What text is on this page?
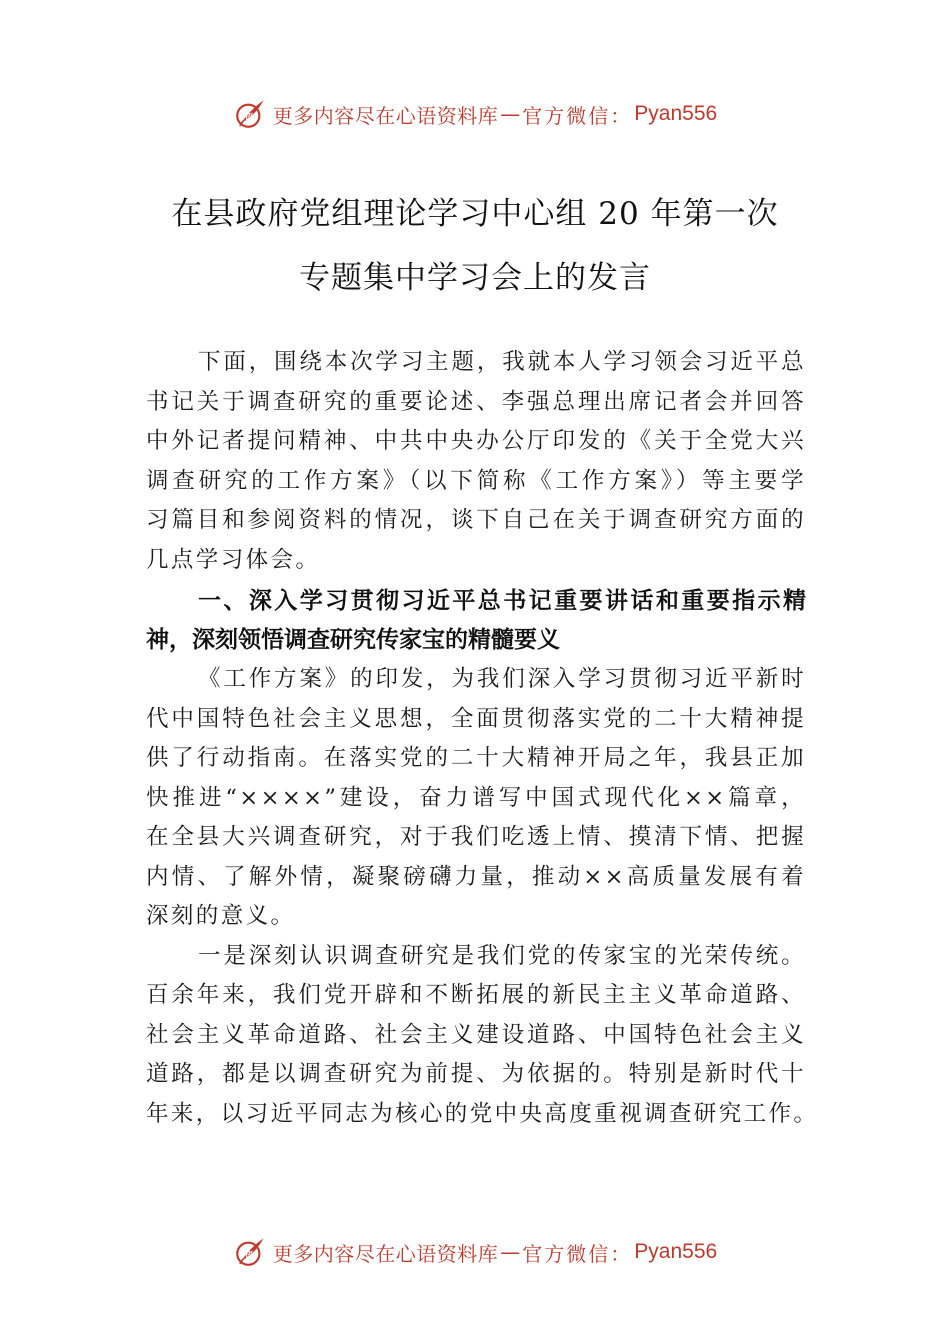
语 更多内容尽在心语资料库 — 官方微信： Pyan556
在县政府党组理论学习中心组 20 年第一次
专题集中学习会上的发言
下面，围绕本次学习主题，我就本人学习领会习近平总
书记关于调查研究的重要论述、李强总理出席记者会并回答
中外记者提问精神、中共中央办公厅印发的《关于全党大兴
调查研究的工作方案》（以下简称《工作方案》）等主要学
习篇目和参阅资料的情况，谈下自己在关于调查研究方面的
几点学习体会。
一、深入学习贯彻习近平总书记重要讲话和重要指示精
神，深刻领悟调查研究传家宝的精髓要义
《工作方案》的印发，为我们深入学习贯彻习近平新时
代中国特色社会主义思想，全面贯彻落实党的二十大精神提
供了行动指南。在落实党的二十大精神开局之年，我县正加
快推进“××××”建设，奋力谱写中国式现代化××篇章，
在全县大兴调查研究，对于我们吃透上情、摸清下情、把握
内情、了解外情，凝聚磅礴力量，推动××高质量发展有着
深刻的意义。
一是深刻认识调查研究是我们党的传家宝的光荣传统。
百余年来，我们党开辟和不断拓展的新民主主义革命道路、
社会主义革命道路、社会主义建设道路、中国特色社会主义
道路，都是以调查研究为前提、为依据的。特别是新时代十
年来，以习近平同志为核心的党中央高度重视调查研究工作。
语 更多内容尽在心语资料库 — 官方微信： Pyan556
